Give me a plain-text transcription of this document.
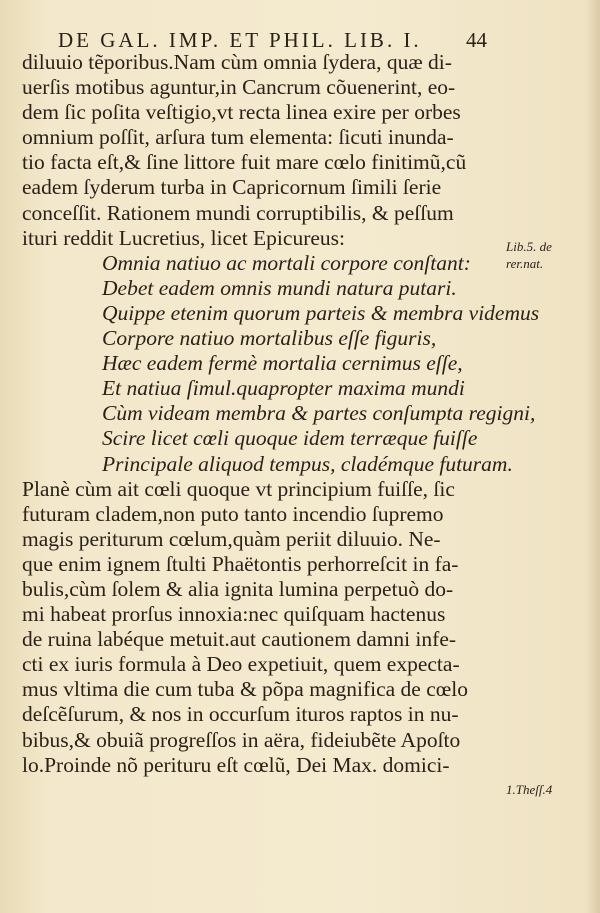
DE GAL. IMP. ET PHIL. LIB. I. 44
diluuio tẽporibus.Nam cùm omnia ſydera, quæ di-
uerſis motibus aguntur,in Cancrum cõuenerint, eo-
dem ſic poſita veſtigio,vt recta linea exire per orbes
omnium poſſit, arſura tum elementa: ſicuti inunda-
tio facta eſt,& ſine littore fuit mare cœlo finitimũ,cũ
eadem ſyderum turba in Capricornum ſimili ſerie
conceſſit. Rationem mundi corruptibilis, & peſſum
ituri reddit Lucretius, licet Epicureus:
Omnia natiuo ac mortali corpore conſtant:
Debet eadem omnis mundi natura putari.
Quippe etenim quorum parteis & membra videmus
Corpore natiuo mortalibus eſſe figuris,
Hæc eadem fermè mortalia cernimus eſſe,
Et natiua ſimul.quapropter maxima mundi
Cùm videam membra & partes conſumpta regigni,
Scire licet cœli quoque idem terræque fuiſſe
Principale aliquod tempus, cladémque futuram.
Planè cùm ait cœli quoque vt principium fuiſſe, ſic
futuram cladem,non puto tanto incendio ſupremo
magis periturum cœlum,quàm periit diluuio. Ne-
que enim ignem ſtulti Phaëtontis perhorreſcit in fa-
bulis,cùm ſolem & alia ignita lumina perpetuò do-
mi habeat prorſus innoxia:nec quiſquam hactenus
de ruina labéque metuit.aut cautionem damni infe-
cti ex iuris formula à Deo expetiuit, quem expecta-
mus vltima die cum tuba & põpa magnifica de cœlo
deſcẽſurum, & nos in occurſum ituros raptos in nu-
bibus,& obuiã progreſſos in aëra, fideiubẽte Apoſto
lo.Proinde nõ perituru eſt cœlũ, Dei Max. domici-
Lib.5. de
rer.nat.
1.Theſſ.4
